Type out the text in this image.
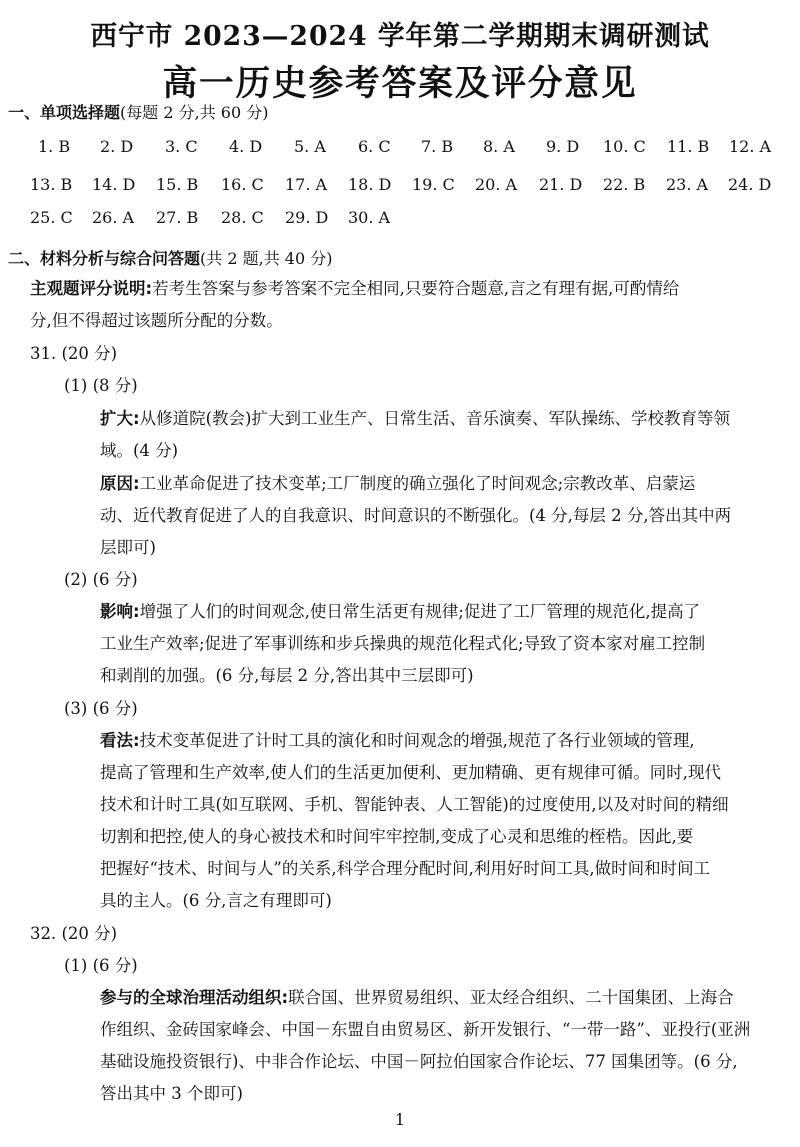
西宁市 2023—2024 学年第二学期期末调研测试
高一历史参考答案及评分意见
一、单项选择题(每题 2 分,共 60 分)
1. B 2. D 3. C 4. D 5. A 6. C 7. B 8. A 9. D 10. C 11. B 12. A
13. B 14. D 15. B 16. C 17. A 18. D 19. C 20. A 21. D 22. B 23. A 24. D
25. C 26. A 27. B 28. C 29. D 30. A
二、材料分析与综合问答题(共 2 题,共 40 分)
主观题评分说明:若考生答案与参考答案不完全相同,只要符合题意,言之有理有据,可酌情给
分,但不得超过该题所分配的分数。
31. (20 分)
(1) (8 分)
扩大:从修道院(教会)扩大到工业生产、日常生活、音乐演奏、军队操练、学校教育等领
域。(4 分)
原因:工业革命促进了技术变革;工厂制度的确立强化了时间观念;宗教改革、启蒙运
动、近代教育促进了人的自我意识、时间意识的不断强化。(4 分,每层 2 分,答出其中两
层即可)
(2) (6 分)
影响:增强了人们的时间观念,使日常生活更有规律;促进了工厂管理的规范化,提高了
工业生产效率;促进了军事训练和步兵操典的规范化程式化;导致了资本家对雇工控制
和剥削的加强。(6 分,每层 2 分,答出其中三层即可)
(3) (6 分)
看法:技术变革促进了计时工具的演化和时间观念的增强,规范了各行业领域的管理,
提高了管理和生产效率,使人们的生活更加便利、更加精确、更有规律可循。同时,现代
技术和计时工具(如互联网、手机、智能钟表、人工智能)的过度使用,以及对时间的精细
切割和把控,使人的身心被技术和时间牢牢控制,变成了心灵和思维的桎梏。因此,要
把握好“技术、时间与人”的关系,科学合理分配时间,利用好时间工具,做时间和时间工
具的主人。(6 分,言之有理即可)
32. (20 分)
(1) (6 分)
参与的全球治理活动组织:联合国、世界贸易组织、亚太经合组织、二十国集团、上海合
作组织、金砖国家峰会、中国－东盟自由贸易区、新开发银行、“一带一路”、亚投行(亚洲
基础设施投资银行)、中非合作论坛、中国－阿拉伯国家合作论坛、77 国集团等。(6 分,
答出其中 3 个即可)
1
